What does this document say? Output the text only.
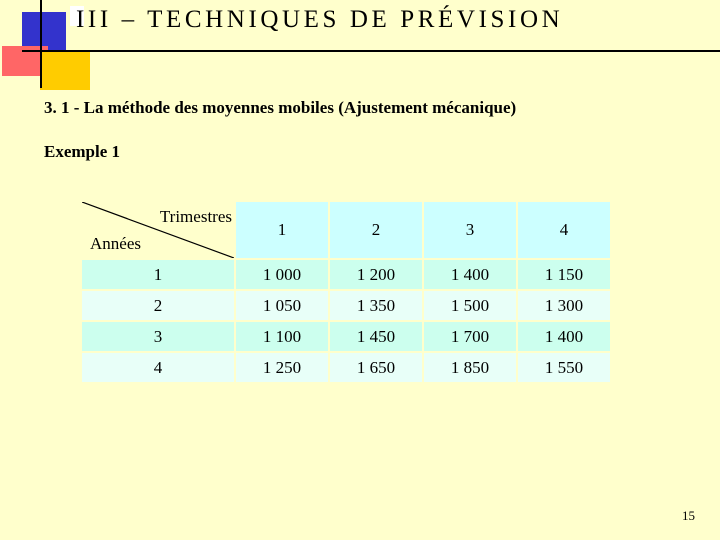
III – TECHNIQUES DE PRÉVISION
3. 1 - La méthode des moyennes mobiles (Ajustement mécanique)
Exemple 1
Trimestres
Années	1	2	3	4
1	1 000	1 200	1 400	1 150
2	1 050	1 350	1 500	1 300
3	1 100	1 450	1 700	1 400
4	1 250	1 650	1 850	1 550
15
